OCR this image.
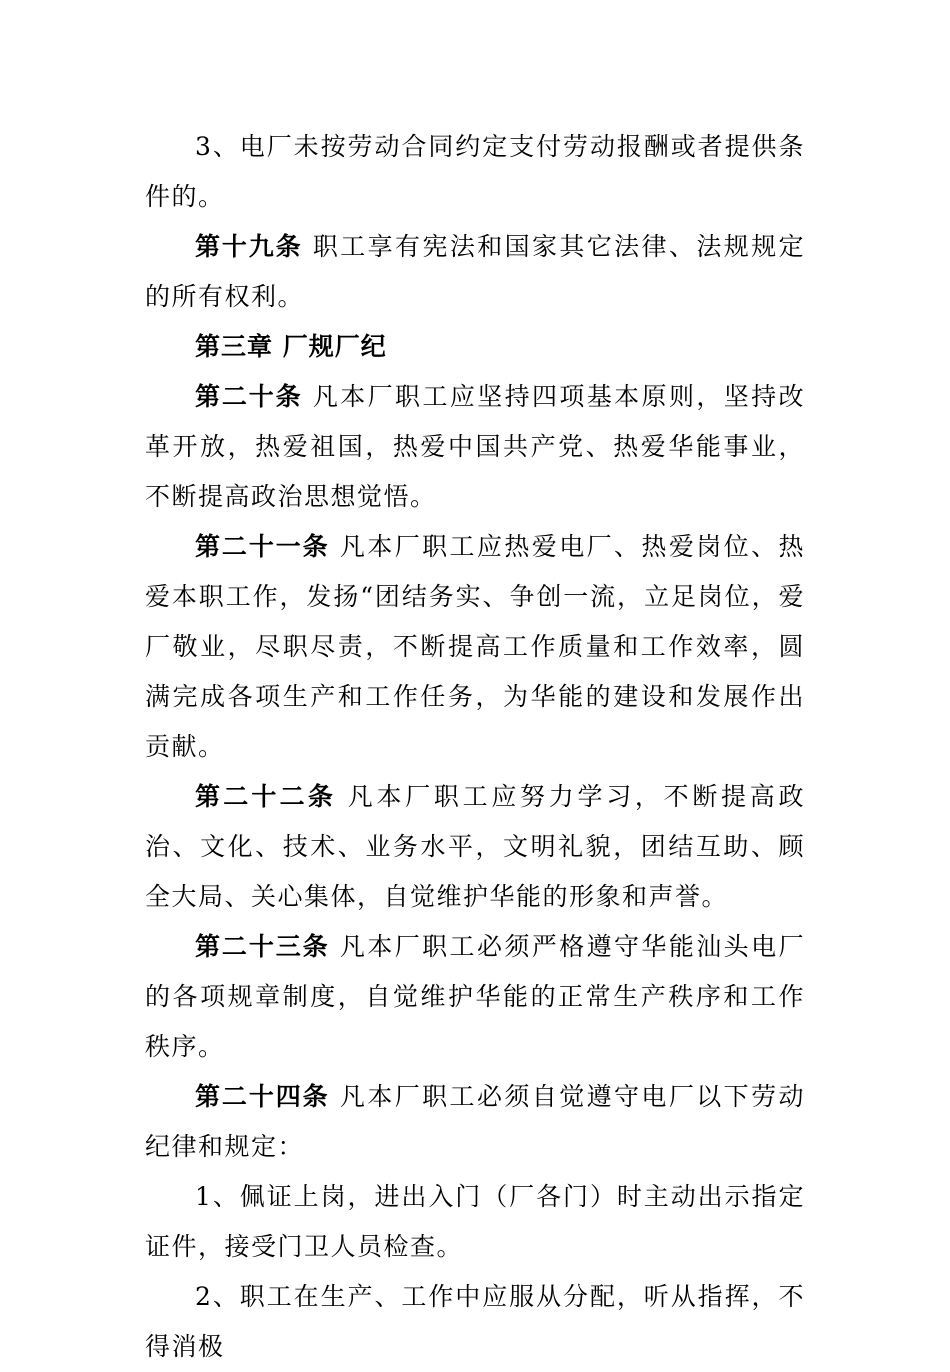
3、电厂未按劳动合同约定支付劳动报酬或者提供条件的。

第十九条 职工享有宪法和国家其它法律、法规规定的所有权利。

第三章 厂规厂纪

第二十条 凡本厂职工应坚持四项基本原则，坚持改革开放，热爱祖国，热爱中国共产党、热爱华能事业，不断提高政治思想觉悟。

第二十一条 凡本厂职工应热爱电厂、热爱岗位、热爱本职工作，发扬“团结务实、争创一流，立足岗位，爱厂敬业，尽职尽责，不断提高工作质量和工作效率，圆满完成各项生产和工作任务，为华能的建设和发展作出贡献。

第二十二条 凡本厂职工应努力学习，不断提高政治、文化、技术、业务水平，文明礼貌，团结互助、顾全大局、关心集体，自觉维护华能的形象和声誉。

第二十三条 凡本厂职工必须严格遵守华能汕头电厂的各项规章制度，自觉维护华能的正常生产秩序和工作秩序。

第二十四条 凡本厂职工必须自觉遵守电厂以下劳动纪律和规定：

1、佩证上岗，进出入门（厂各门）时主动出示指定证件，接受门卫人员检查。

2、职工在生产、工作中应服从分配，听从指挥，不得消极
